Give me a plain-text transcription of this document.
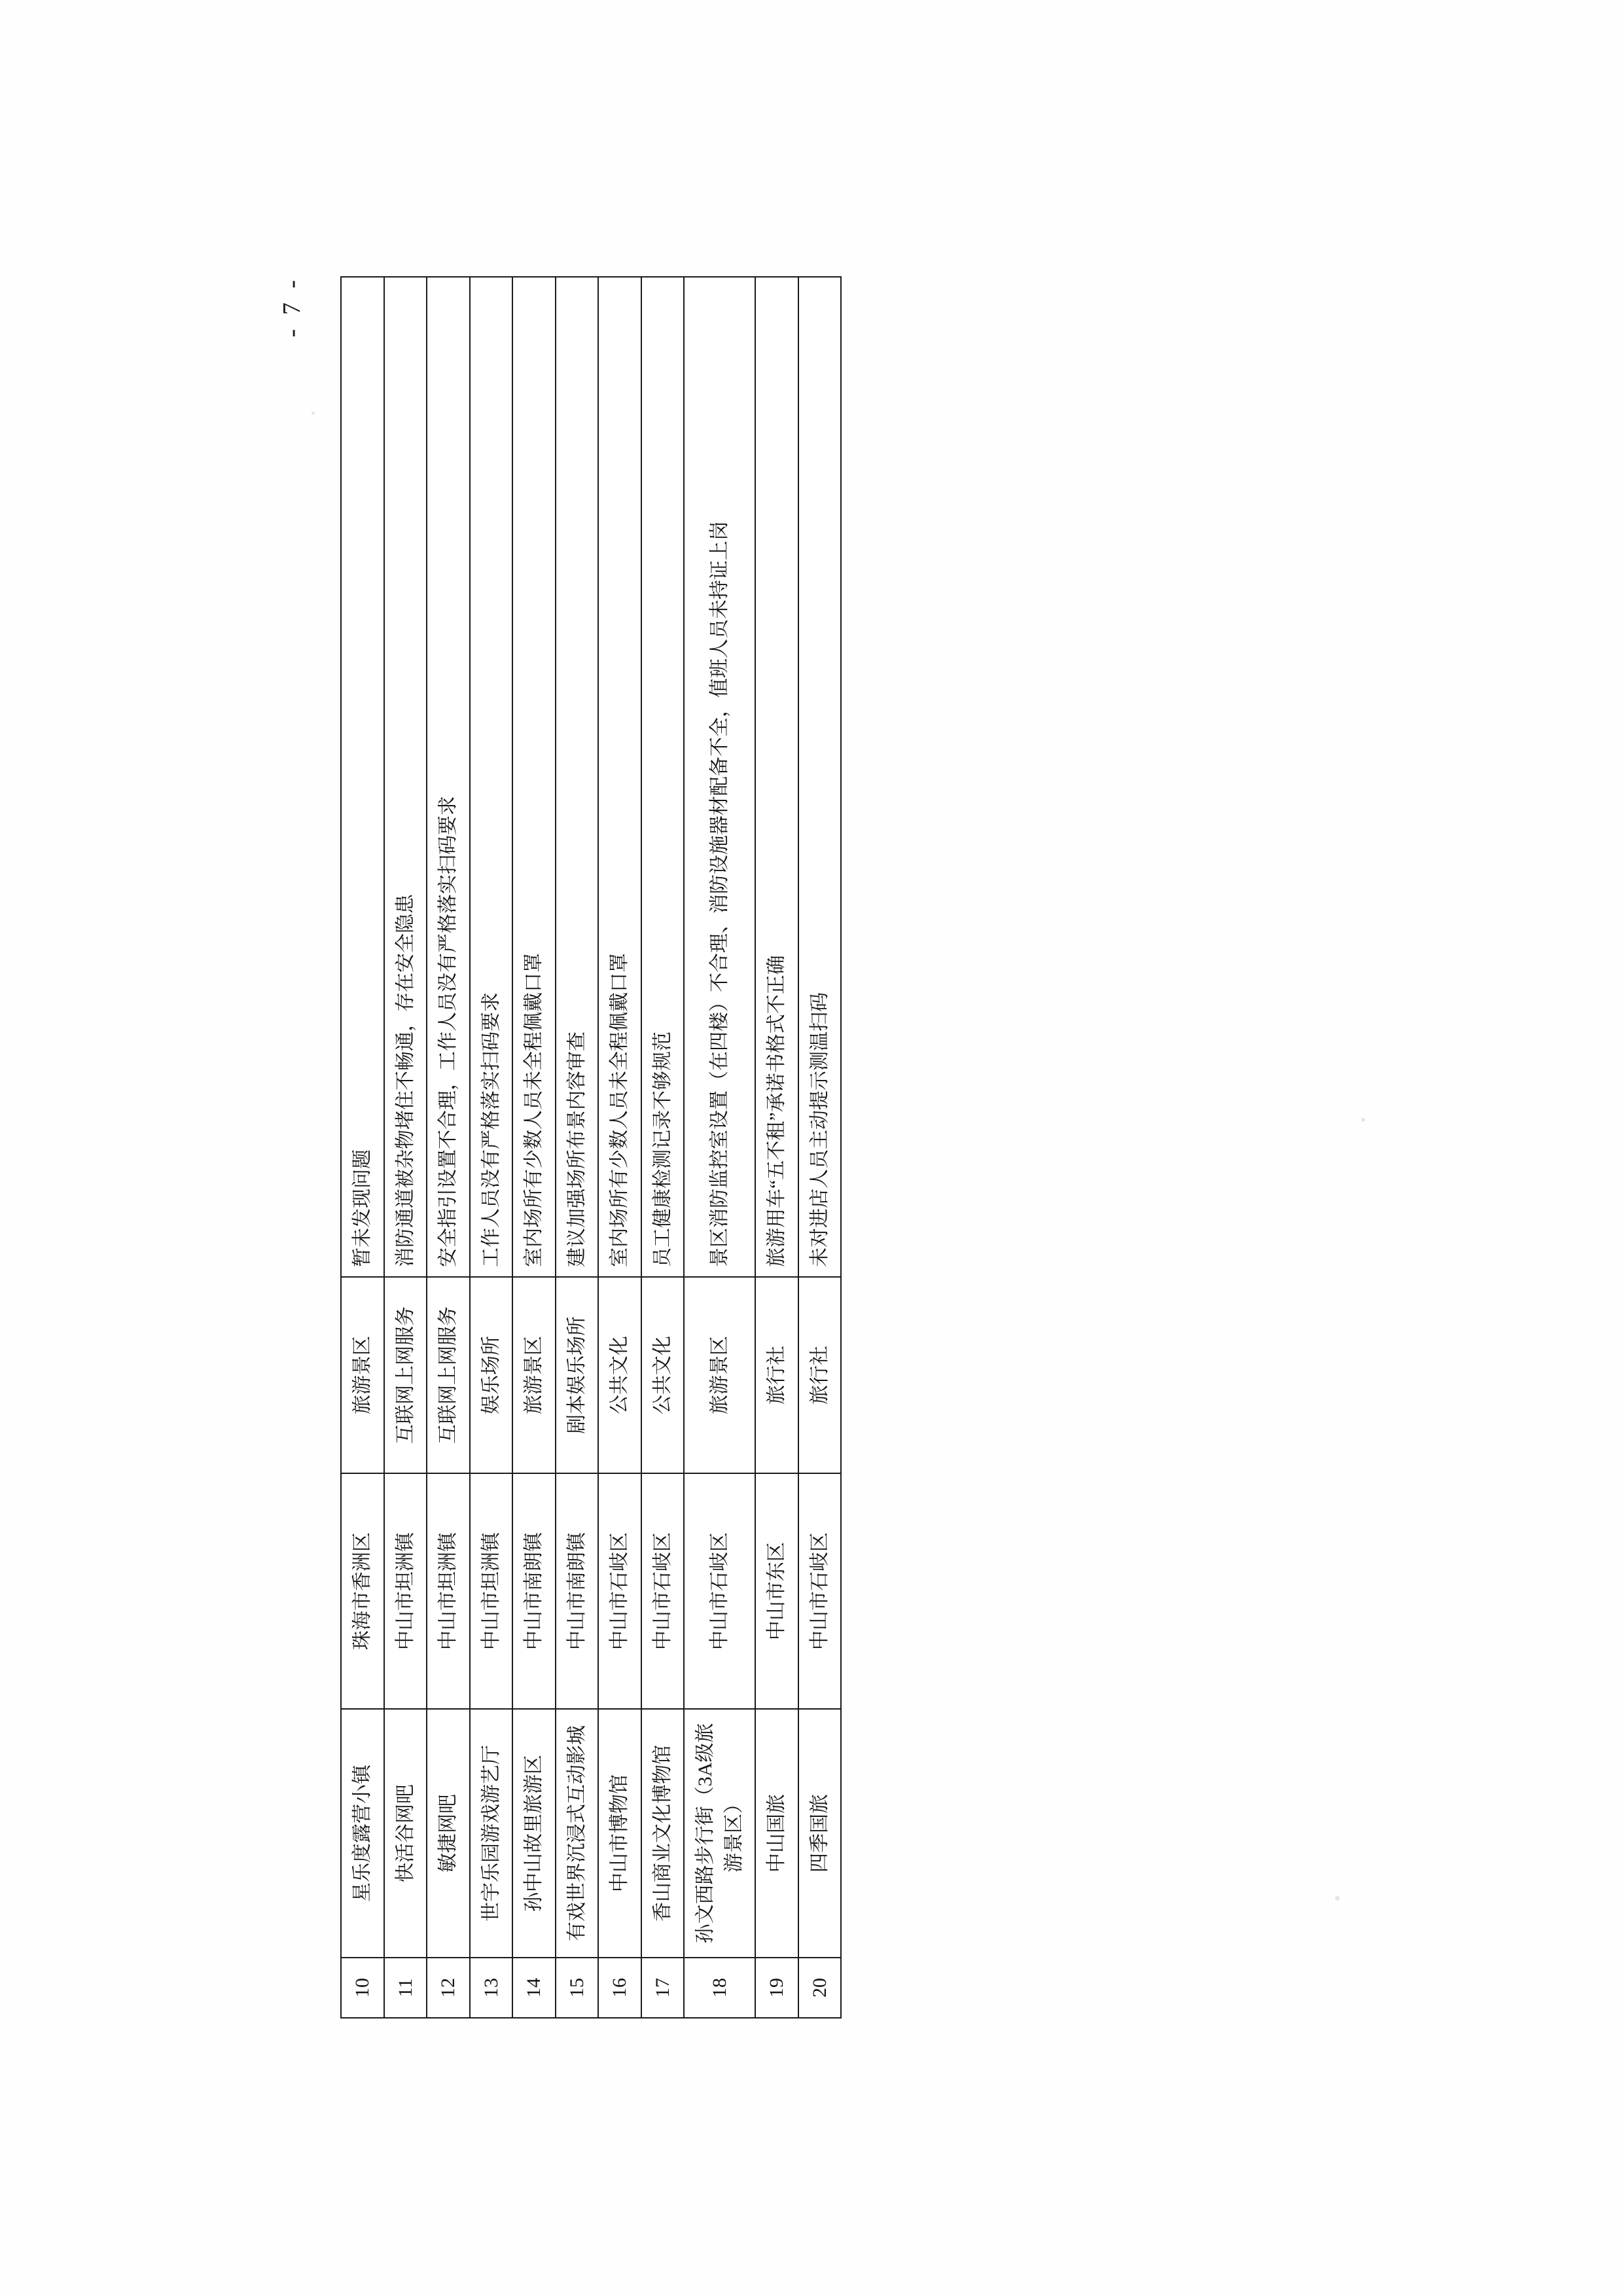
- 7 -
10	星乐度露营小镇	珠海市香洲区	旅游景区	暂未发现问题
11	快活谷网吧	中山市坦洲镇	互联网上网服务	消防通道被杂物堵住不畅通，存在安全隐患
12	敏捷网吧	中山市坦洲镇	互联网上网服务	安全指引设置不合理，工作人员没有严格落实扫码要求
13	世宇乐园游戏游艺厅	中山市坦洲镇	娱乐场所	工作人员没有严格落实扫码要求
14	孙中山故里旅游区	中山市南朗镇	旅游景区	室内场所有少数人员未全程佩戴口罩
15	有戏世界沉浸式互动影城	中山市南朗镇	剧本娱乐场所	建议加强场所布景内容审查
16	中山市博物馆	中山市石岐区	公共文化	室内场所有少数人员未全程佩戴口罩
17	香山商业文化博物馆	中山市石岐区	公共文化	员工健康检测记录不够规范
18	孙文西路步行街（3A级旅游景区）	中山市石岐区	旅游景区	景区消防监控室设置（在四楼）不合理、消防设施器材配备不全，值班人员未持证上岗
19	中山国旅	中山市东区	旅行社	旅游用车“五不租”承诺书格式不正确
20	四季国旅	中山市石岐区	旅行社	未对进店人员主动提示测温扫码
